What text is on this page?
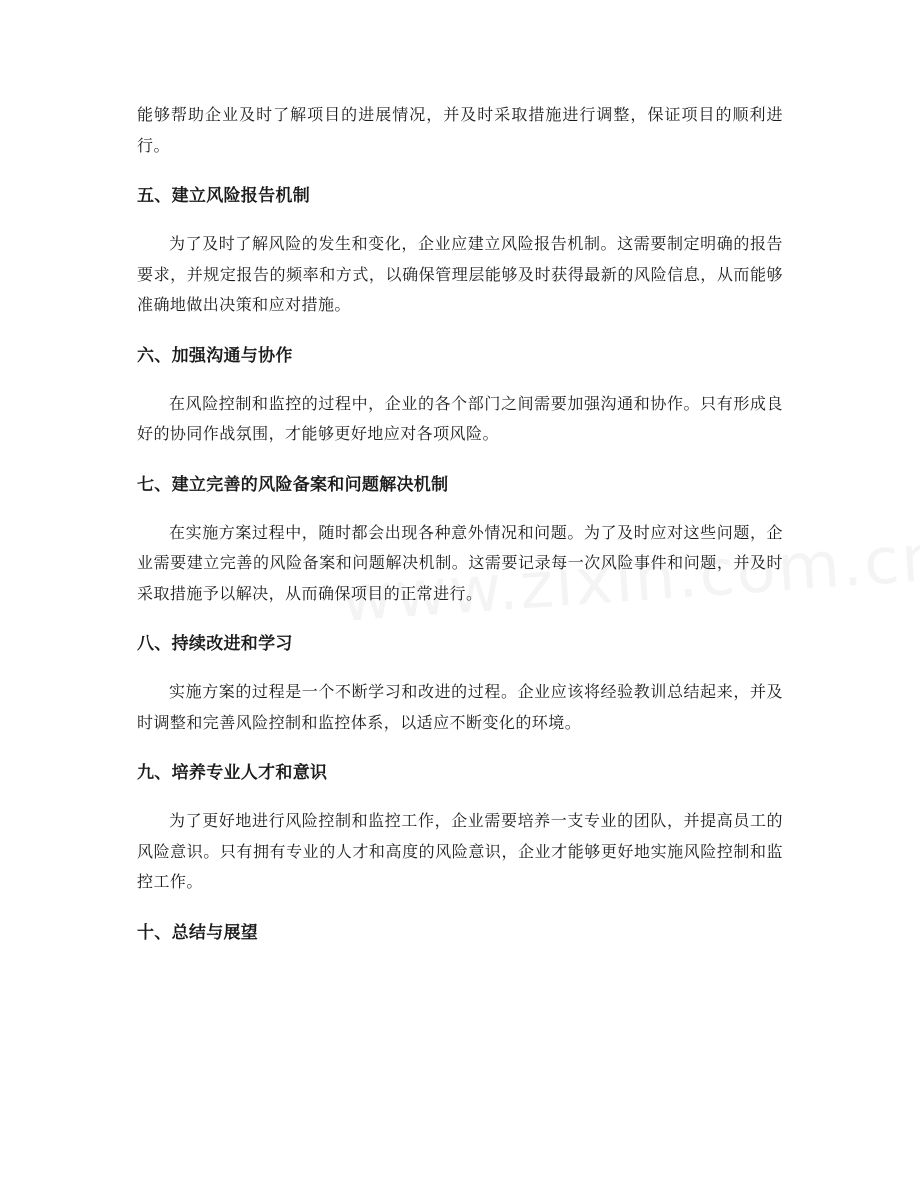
能够帮助企业及时了解项目的进展情况，并及时采取措施进行调整，保证项目的顺利进行。

五、建立风险报告机制

为了及时了解风险的发生和变化，企业应建立风险报告机制。这需要制定明确的报告要求，并规定报告的频率和方式，以确保管理层能够及时获得最新的风险信息，从而能够准确地做出决策和应对措施。

六、加强沟通与协作

在风险控制和监控的过程中，企业的各个部门之间需要加强沟通和协作。只有形成良好的协同作战氛围，才能够更好地应对各项风险。

七、建立完善的风险备案和问题解决机制

在实施方案过程中，随时都会出现各种意外情况和问题。为了及时应对这些问题，企业需要建立完善的风险备案和问题解决机制。这需要记录每一次风险事件和问题，并及时采取措施予以解决，从而确保项目的正常进行。

八、持续改进和学习

实施方案的过程是一个不断学习和改进的过程。企业应该将经验教训总结起来，并及时调整和完善风险控制和监控体系，以适应不断变化的环境。

九、培养专业人才和意识

为了更好地进行风险控制和监控工作，企业需要培养一支专业的团队，并提高员工的风险意识。只有拥有专业的人才和高度的风险意识，企业才能够更好地实施风险控制和监控工作。

十、总结与展望
